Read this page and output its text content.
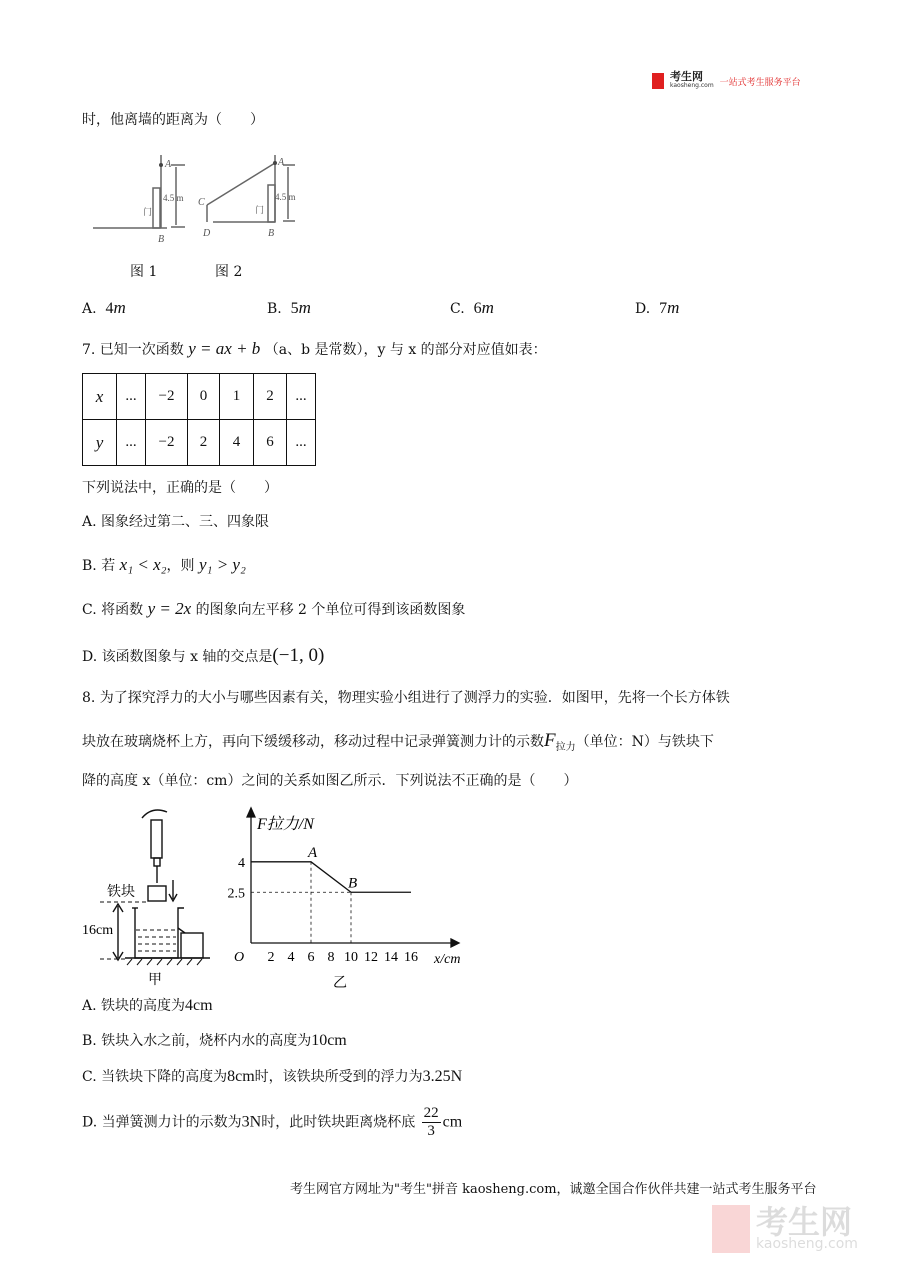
考生网
kaosheng.com 一站式考生服务平台
时，他离墙的距离为（　　）
A
B
A
B
C
D
4.5 m
门
4.5 m
门
图 1	图 2
A. 4m	B. 5m	C. 6m	D. 7m
7. 已知一次函数 y = ax + b （a、b 是常数），y 与 x 的部分对应值如表：
x	...	−2	0	1	2	...
y	...	−2	2	4	6	...
下列说法中，正确的是（　　）
A. 图象经过第二、三、四象限
B. 若 x₁ < x₂，则 y₁ > y₂
C. 将函数 y = 2x 的图象向左平移 2 个单位可得到该函数图象
D. 该函数图象与 x 轴的交点是(−1, 0)
8. 为了探究浮力的大小与哪些因素有关，物理实验小组进行了测浮力的实验．如图甲，先将一个长方体铁
块放在玻璃烧杯上方，再向下缓缓移动，移动过程中记录弹簧测力计的示数$F_{拉力}$（单位：N）与铁块下
降的高度 x（单位：cm）之间的关系如图乙所示．下列说法不正确的是（　　）
铁块
16cm
甲
A
B
2 4 6 8 10 12 14 16
4
2.5
F拉力/N
x/cm
O
乙
A. 铁块的高度为4cm
B. 铁块入水之前，烧杯内水的高度为10cm
C. 当铁块下降的高度为8cm时，该铁块所受到的浮力为3.25N
D. 当弹簧测力计的示数为3N时，此时铁块距离烧杯底 $\frac{22}{3}$ cm
考生网官方网址为"考生"拼音 kaosheng.com，诚邀全国合作伙伴共建一站式考生服务平台
考生网
kaosheng.com
